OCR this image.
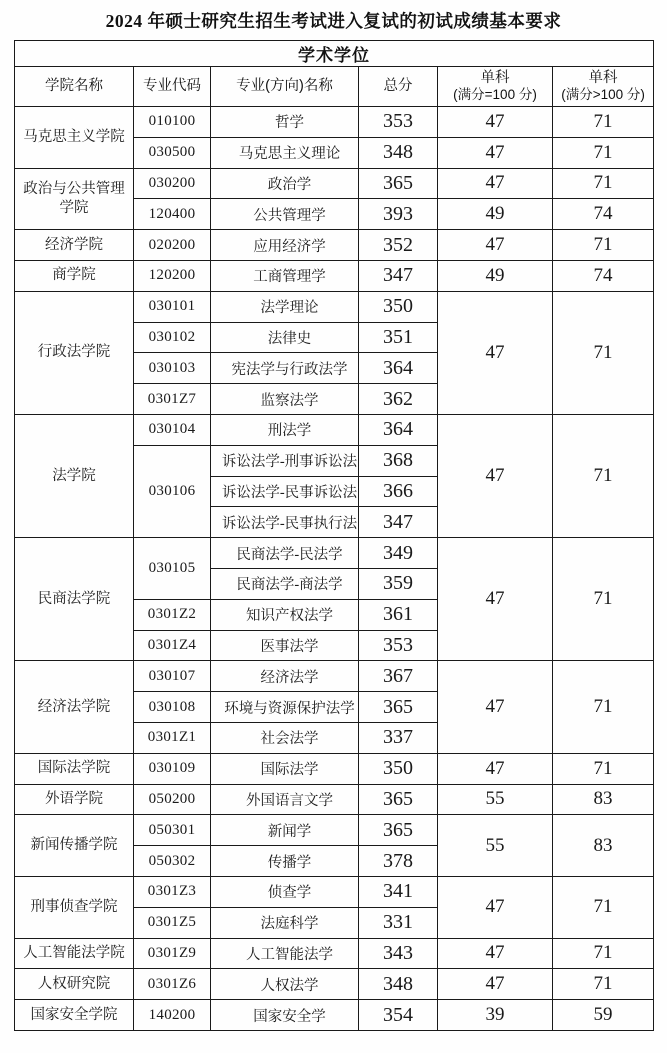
2024 年硕士研究生招生考试进入复试的初试成绩基本要求
学术学位					

学院名称	专业代码	专业(方向)名称	总分

单科
(满分=100 分)

单科
(满分>100 分)

马克思主义学院	010100	哲学	353	47	71
	030500	马克思主义理论	348	47	71
政治与公共管理学院	030200	政治学	365	47	71
	120400	公共管理学	393	49	74
经济学院	020200	应用经济学	352	47	71
商学院	120200	工商管理学	347	49	74
行政法学院	030101	法学理论	350	47	71
	030102	法律史	351		
	030103	宪法学与行政法学	364		
	0301Z7	监察法学	362		
法学院	030104	刑法学	364	47	71
	030106	诉讼法学-刑事诉讼法	368		
		诉讼法学-民事诉讼法	366		
		诉讼法学-民事执行法	347		
民商法学院	030105	民商法学-民法学	349	47	71
		民商法学-商法学	359		
	0301Z2	知识产权法学	361		
	0301Z4	医事法学	353		
经济法学院	030107	经济法学	367	47	71
	030108	环境与资源保护法学	365		
	0301Z1	社会法学	337		
国际法学院	030109	国际法学	350	47	71
外语学院	050200	外国语言文学	365	55	83
新闻传播学院	050301	新闻学	365	55	83
	050302	传播学	378		
刑事侦查学院	0301Z3	侦查学	341	47	71
	0301Z5	法庭科学	331		
人工智能法学院	0301Z9	人工智能法学	343	47	71
人权研究院	0301Z6	人权法学	348	47	71
国家安全学院	140200	国家安全学	354	39	59
